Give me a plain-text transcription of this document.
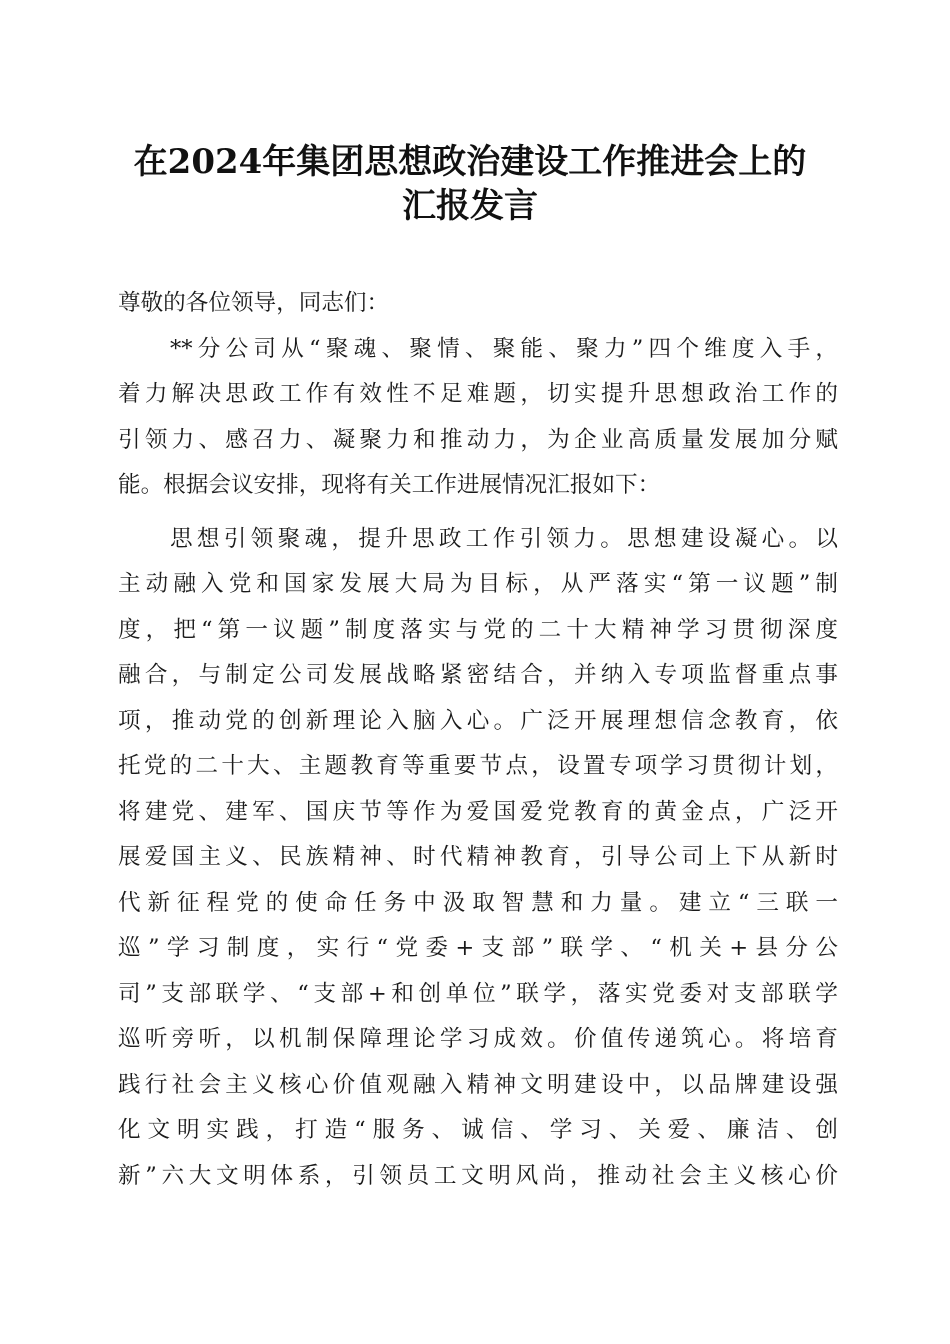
在2024年集团思想政治建设工作推进会上的
汇报发言
尊敬的各位领导，同志们：
**分公司从“聚魂、聚情、聚能、聚力”四个维度入手，
着力解决思政工作有效性不足难题，切实提升思想政治工作的
引领力、感召力、凝聚力和推动力，为企业高质量发展加分赋
能。根据会议安排，现将有关工作进展情况汇报如下：
思想引领聚魂，提升思政工作引领力。思想建设凝心。以
主动融入党和国家发展大局为目标，从严落实“第一议题”制
度，把“第一议题”制度落实与党的二十大精神学习贯彻深度
融合，与制定公司发展战略紧密结合，并纳入专项监督重点事
项，推动党的创新理论入脑入心。广泛开展理想信念教育，依
托党的二十大、主题教育等重要节点，设置专项学习贯彻计划，
将建党、建军、国庆节等作为爱国爱党教育的黄金点，广泛开
展爱国主义、民族精神、时代精神教育，引导公司上下从新时
代新征程党的使命任务中汲取智慧和力量。建立“三联一
巡”学习制度，实行“党委+支部”联学、“机关+县分公
司”支部联学、“支部+和创单位”联学，落实党委对支部联学
巡听旁听，以机制保障理论学习成效。价值传递筑心。将培育
践行社会主义核心价值观融入精神文明建设中，以品牌建设强
化文明实践，打造“服务、诚信、学习、关爱、廉洁、创
新”六大文明体系，引领员工文明风尚，推动社会主义核心价
